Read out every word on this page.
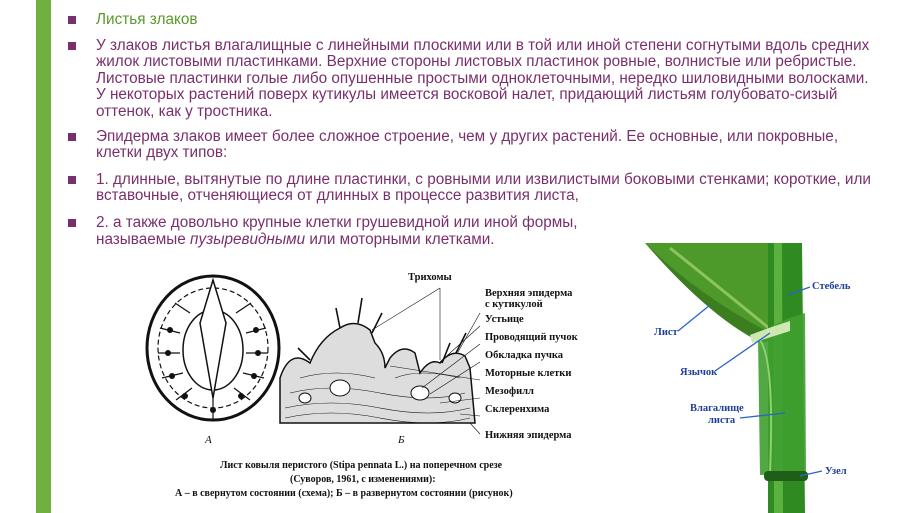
Листья злаков
У злаков листья влагалищные с линейными плоскими или в той или иной степени согнутыми вдоль средних жилок листовыми пластинками. Верхние стороны листовых пластинок ровные, волнистые или ребристые. Листовые пластинки голые либо опушенные простыми одноклеточными, нередко шиловидными волосками. У некоторых растений поверх кутикулы имеется восковой налет, придающий листьям голубовато-сизый оттенок, как у тростника.
Эпидерма злаков имеет более сложное строение, чем у других растений. Ее основные, или покровные, клетки двух типов:
1. длинные, вытянутые по длине пластинки, с ровными или извилистыми боковыми стенками; короткие, или вставочные, отченяющиеся от длинных в процессе развития листа,
2. а также довольно крупные клетки грушевидной или иной формы, называемые пузыревидными или моторными клетками.
А	Б
Трихомы
Верхняя эпидерма
с кутикулой
Устьице
Проводящий пучок
Обкладка пучка
Моторные клетки
Мезофилл
Склеренхима
Нижняя эпидерма
Лист ковыля перистого (Stipa pennata L.) на поперечном срезе
(Суворов, 1961, с изменениями):
А – в свернутом состоянии (схема); Б – в развернутом состоянии (рисунок)
Стебель
Лист
Язычок
Влагалище
листа
Узел
